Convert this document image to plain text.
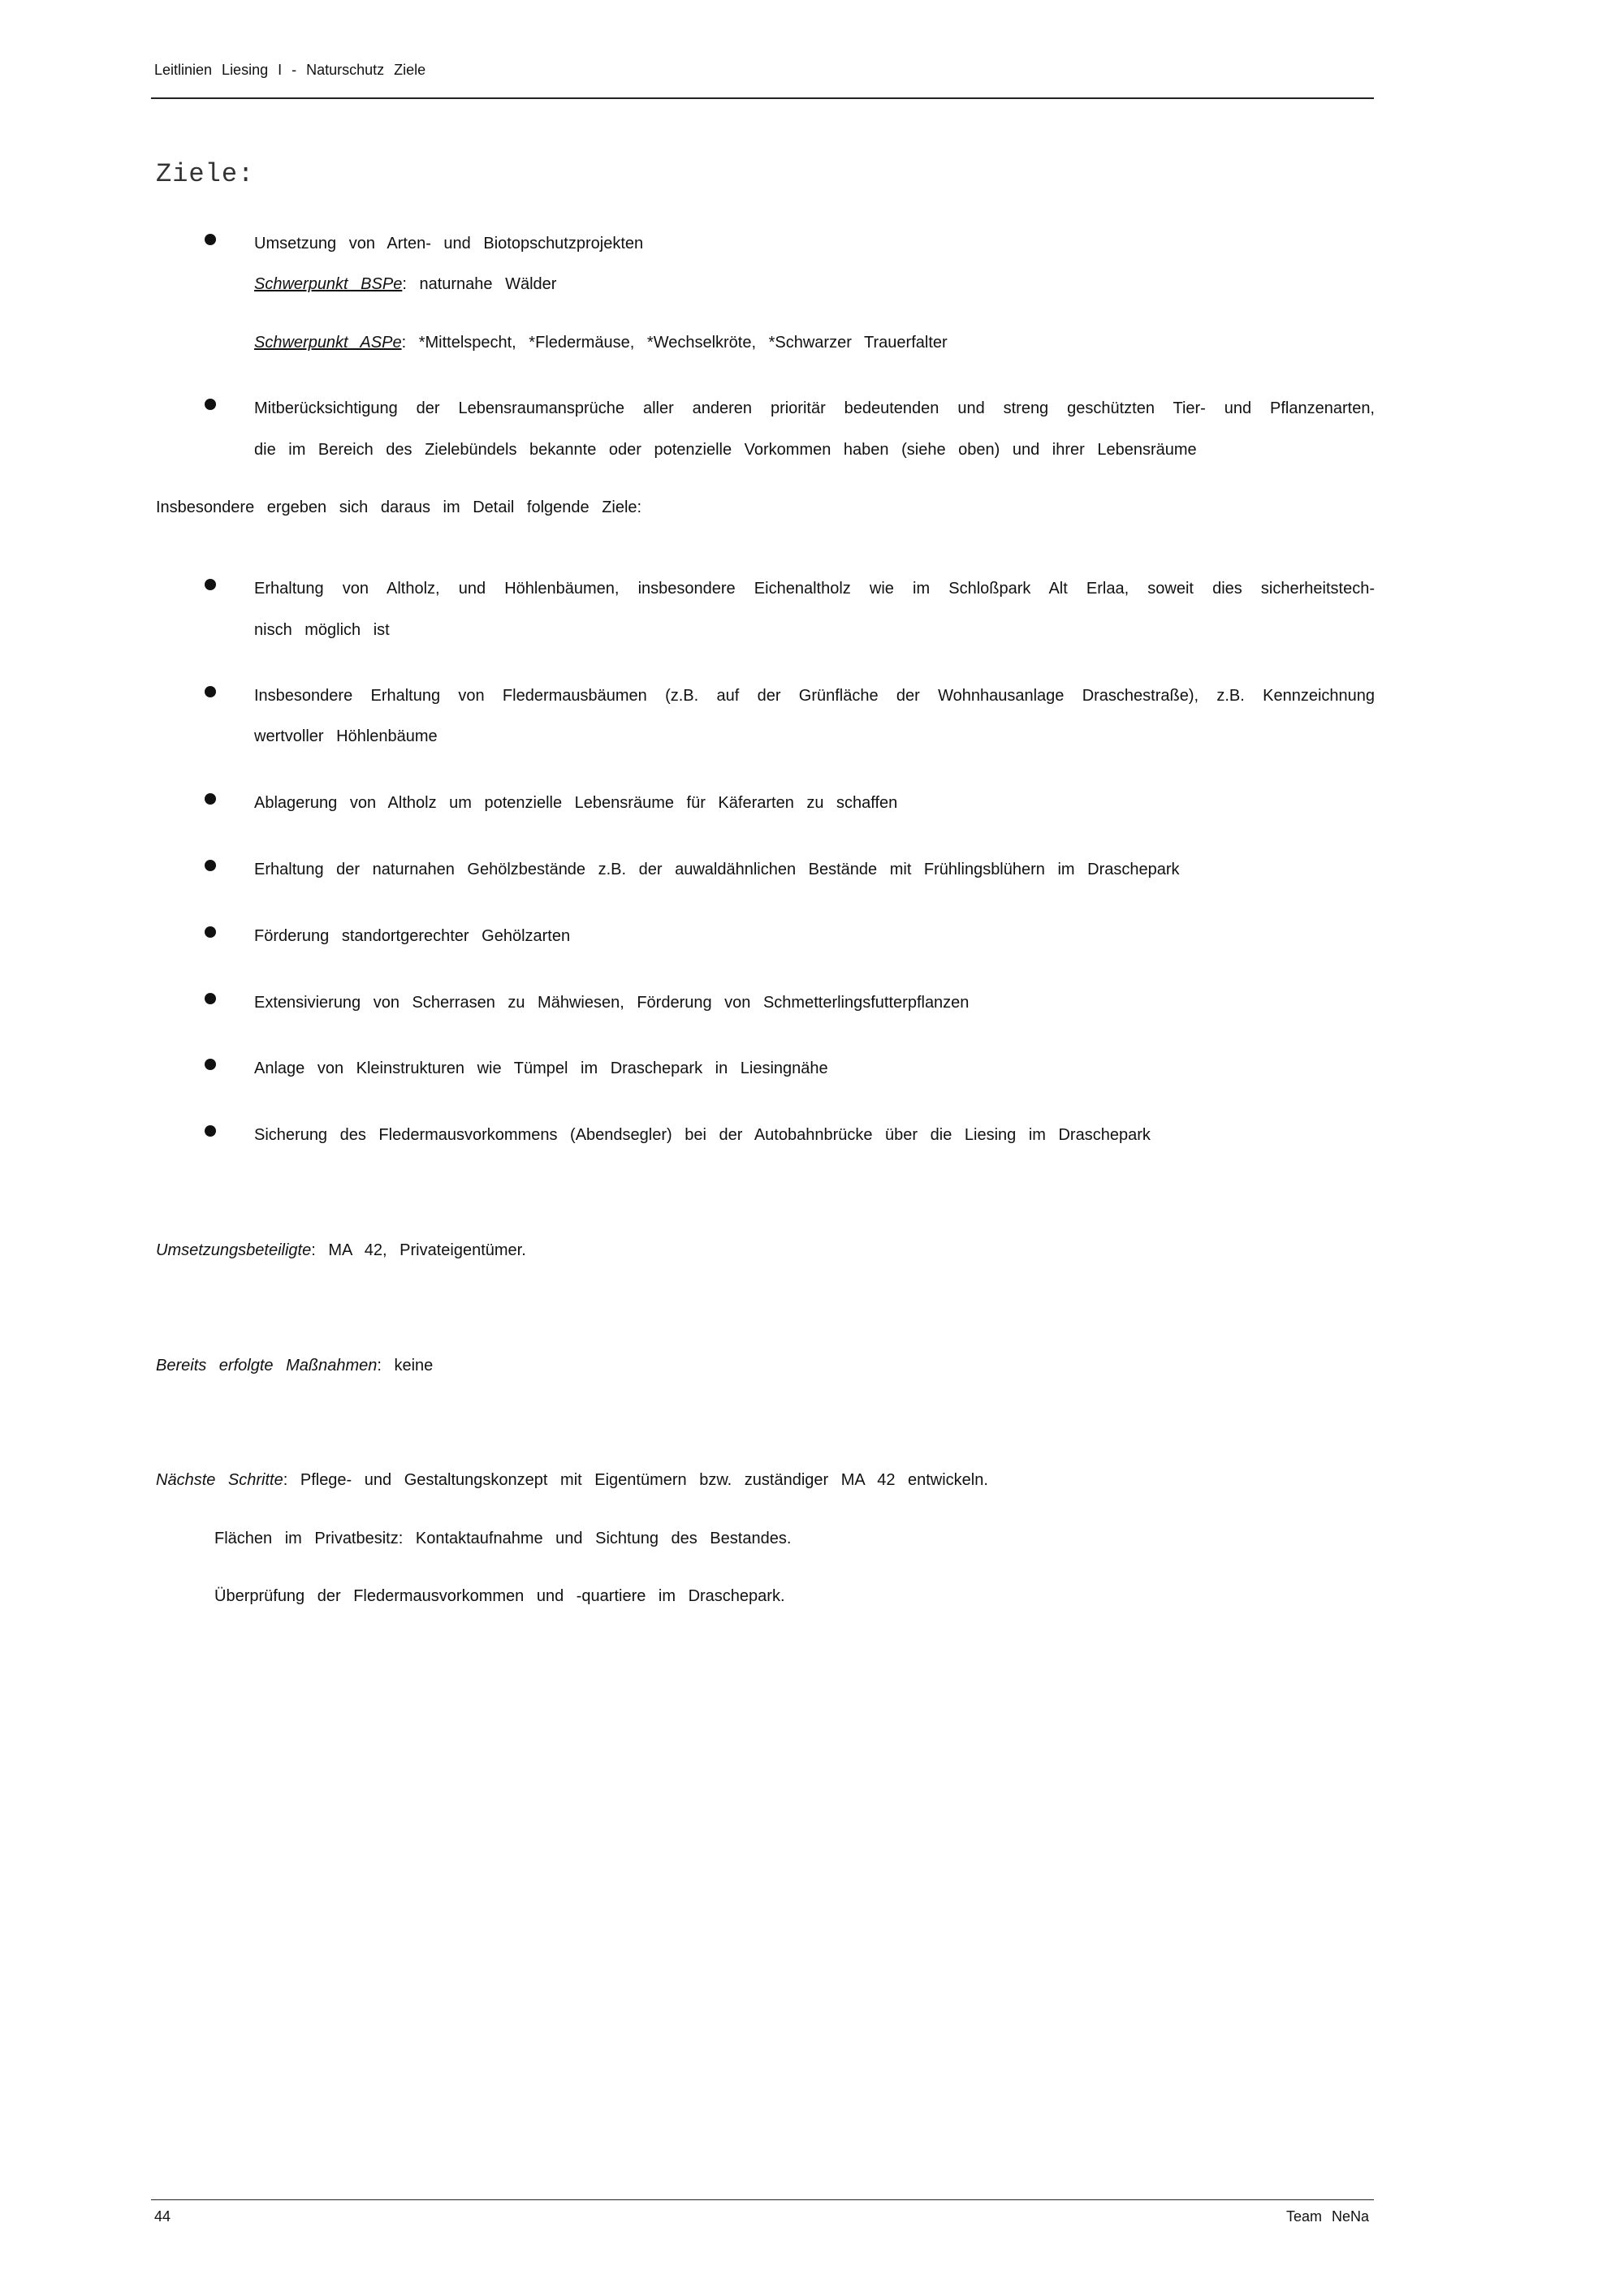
Leitlinien Liesing I - Naturschutz Ziele
Ziele:
Umsetzung von Arten- und Biotopschutzprojekten
Schwerpunkt BSPe: naturnahe Wälder
Schwerpunkt ASPe: *Mittelspecht, *Fledermäuse, *Wechselkröte, *Schwarzer Trauerfalter
Mitberücksichtigung der Lebensraumansprüche aller anderen prioritär bedeutenden und streng geschützten Tier- und Pflanzenarten,
die im Bereich des Zielebündels bekannte oder potenzielle Vorkommen haben (siehe oben) und ihrer Lebensräume
Insbesondere ergeben sich daraus im Detail folgende Ziele:
Erhaltung von Altholz, und Höhlenbäumen, insbesondere Eichenaltholz wie im Schloßpark Alt Erlaa, soweit dies sicherheitstech-
nisch möglich ist
Insbesondere Erhaltung von Fledermausbäumen (z.B. auf der Grünfläche der Wohnhausanlage Draschestraße), z.B. Kennzeichnung
wertvoller Höhlenbäume
Ablagerung von Altholz um potenzielle Lebensräume für Käferarten zu schaffen
Erhaltung der naturnahen Gehölzbestände z.B. der auwaldähnlichen Bestände mit Frühlingsblühern im Draschepark
Förderung standortgerechter Gehölzarten
Extensivierung von Scherrasen zu Mähwiesen, Förderung von Schmetterlingsfutterpflanzen
Anlage von Kleinstrukturen wie Tümpel im Draschepark in Liesingnähe
Sicherung des Fledermausvorkommens (Abendsegler) bei der Autobahnbrücke über die Liesing im Draschepark
Umsetzungsbeteiligte: MA 42, Privateigentümer.
Bereits erfolgte Maßnahmen: keine
Nächste Schritte: Pflege- und Gestaltungskonzept mit Eigentümern bzw. zuständiger MA 42 entwickeln.
Flächen im Privatbesitz: Kontaktaufnahme und Sichtung des Bestandes.
Überprüfung der Fledermausvorkommen und -quartiere im Draschepark.
44	Team NeNa
